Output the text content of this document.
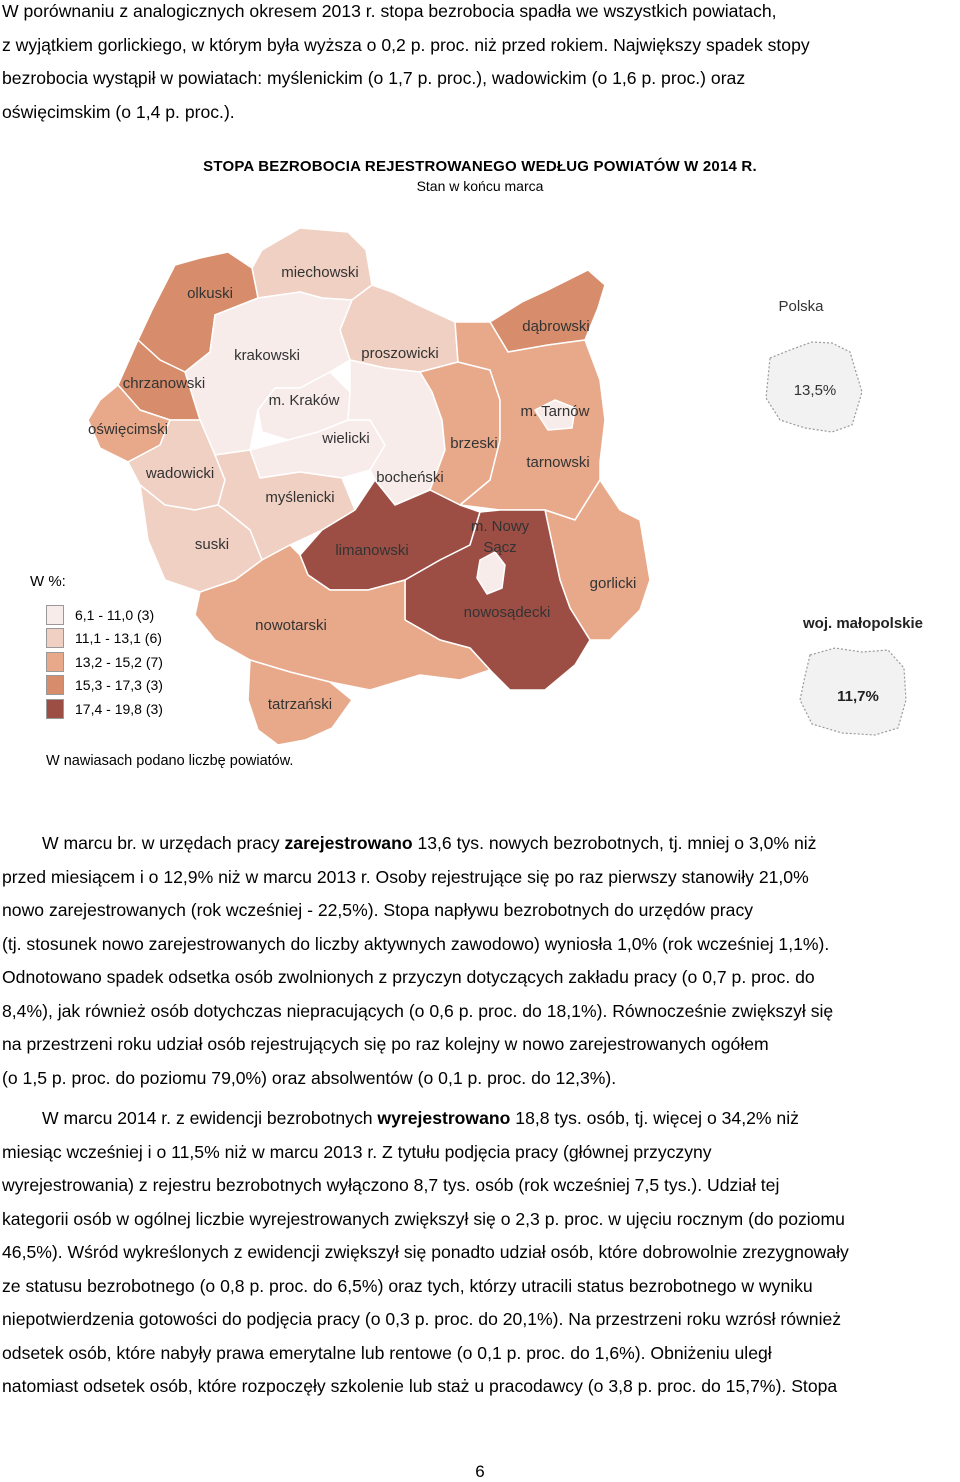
W porównaniu z analogicznych okresem 2013 r. stopa bezrobocia spadła we wszystkich powiatach,
z wyjątkiem gorlickiego, w którym była wyższa o 0,2 p. proc. niż przed rokiem. Największy spadek stopy
bezrobocia wystąpił w powiatach: myślenickim (o 1,7 p. proc.), wadowickim (o 1,6 p. proc.) oraz
oświęcimskim (o 1,4 p. proc.).
STOPA BEZROBOCIA REJESTROWANEGO WEDŁUG POWIATÓW W 2014 R.
Stan w końcu marca
olkuski
miechowski
dąbrowski
krakowski	proszowicki
chrzanowski
m. Kraków
m. Tarnów
oświęcimski
wielicki	brzeski
tarnowski
wadowicki	bocheński
myślenicki
m. Nowy
Sącz
suski	limanowski
gorlicki
nowosądecki
nowotarski
tatrzański
Polska
13,5%
woj. małopolskie
11,7%
W %:
6,1 - 11,0 (3)
11,1 - 13,1 (6)
13,2 - 15,2 (7)
15,3 - 17,3 (3)
17,4 - 19,8 (3)
W nawiasach podano liczbę powiatów.
W marcu br. w urzędach pracy zarejestrowano 13,6 tys. nowych bezrobotnych, tj. mniej o 3,0% niż
przed miesiącem i o 12,9% niż w marcu 2013 r. Osoby rejestrujące się po raz pierwszy stanowiły 21,0%
nowo zarejestrowanych (rok wcześniej - 22,5%). Stopa napływu bezrobotnych do urzędów pracy
(tj. stosunek nowo zarejestrowanych do liczby aktywnych zawodowo) wyniosła 1,0% (rok wcześniej 1,1%).
Odnotowano spadek odsetka osób zwolnionych z przyczyn dotyczących zakładu pracy (o 0,7 p. proc. do
8,4%), jak również osób dotychczas niepracujących (o 0,6 p. proc. do 18,1%). Równocześnie zwiększył się
na przestrzeni roku udział osób rejestrujących się po raz kolejny w nowo zarejestrowanych ogółem
(o 1,5 p. proc. do poziomu 79,0%) oraz absolwentów (o 0,1 p. proc. do 12,3%).
W marcu 2014 r. z ewidencji bezrobotnych wyrejestrowano 18,8 tys. osób, tj. więcej o 34,2% niż
miesiąc wcześniej i o 11,5% niż w marcu 2013 r. Z tytułu podjęcia pracy (głównej przyczyny
wyrejestrowania) z rejestru bezrobotnych wyłączono 8,7 tys. osób (rok wcześniej 7,5 tys.). Udział tej
kategorii osób w ogólnej liczbie wyrejestrowanych zwiększył się o 2,3 p. proc. w ujęciu rocznym (do poziomu
46,5%). Wśród wykreślonych z ewidencji zwiększył się ponadto udział osób, które dobrowolnie zrezygnowały
ze statusu bezrobotnego (o 0,8 p. proc. do 6,5%) oraz tych, którzy utracili status bezrobotnego w wyniku
niepotwierdzenia gotowości do podjęcia pracy (o 0,3 p. proc. do 20,1%). Na przestrzeni roku wzrósł również
odsetek osób, które nabyły prawa emerytalne lub rentowe (o 0,1 p. proc. do 1,6%). Obniżeniu uległ
natomiast odsetek osób, które rozpoczęły szkolenie lub staż u pracodawcy (o 3,8 p. proc. do 15,7%). Stopa
6
